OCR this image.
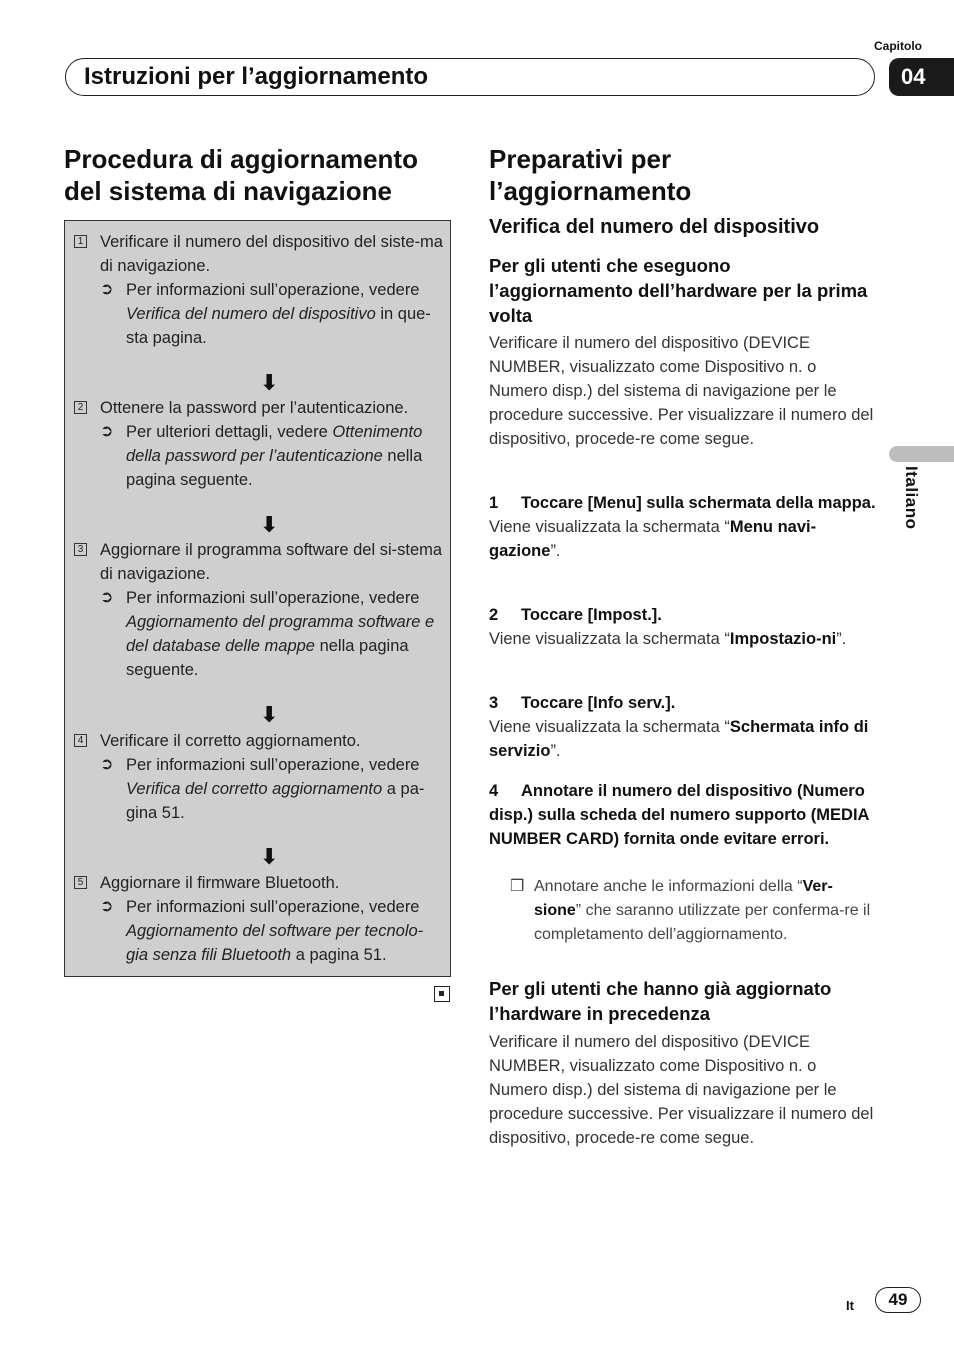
Capitolo
Istruzioni per l’aggiornamento	04
Italiano
Procedura di aggiornamento del sistema di navigazione
1 Verificare il numero del dispositivo del siste-ma di navigazione.
➲ Per informazioni sull’operazione, vedere Verifica del numero del dispositivo in que-sta pagina.
⬇
2 Ottenere la password per l’autenticazione.
➲ Per ulteriori dettagli, vedere Ottenimento della password per l’autenticazione nella pagina seguente.
⬇
3 Aggiornare il programma software del si-stema di navigazione.
➲ Per informazioni sull’operazione, vedere Aggiornamento del programma software e del database delle mappe nella pagina seguente.
⬇
4 Verificare il corretto aggiornamento.
➲ Per informazioni sull’operazione, vedere Verifica del corretto aggiornamento a pa-gina 51.
⬇
5 Aggiornare il firmware Bluetooth.
➲ Per informazioni sull’operazione, vedere Aggiornamento del software per tecnolo-gia senza fili Bluetooth a pagina 51.
Preparativi per l’aggiornamento
Verifica del numero del dispositivo
Per gli utenti che eseguono l’aggiornamento dell’hardware per la prima volta
Verificare il numero del dispositivo (DEVICE NUMBER, visualizzato come Dispositivo n. o Numero disp.) del sistema di navigazione per le procedure successive. Per visualizzare il numero del dispositivo, procede-re come segue.
1 Toccare [Menu] sulla schermata della mappa.
Viene visualizzata la schermata “Menu navi-gazione”.
2 Toccare [Impost.].
Viene visualizzata la schermata “Impostazio-ni”.
3 Toccare [Info serv.].
Viene visualizzata la schermata “Schermata info di servizio”.
4 Annotare il numero del dispositivo (Numero disp.) sulla scheda del numero supporto (MEDIA NUMBER CARD) fornita onde evitare errori.
❒ Annotare anche le informazioni della “Ver-sione” che saranno utilizzate per conferma-re il completamento dell’aggiornamento.
Per gli utenti che hanno già aggiornato l’hardware in precedenza
Verificare il numero del dispositivo (DEVICE NUMBER, visualizzato come Dispositivo n. o Numero disp.) del sistema di navigazione per le procedure successive. Per visualizzare il numero del dispositivo, procede-re come segue.
It	49
